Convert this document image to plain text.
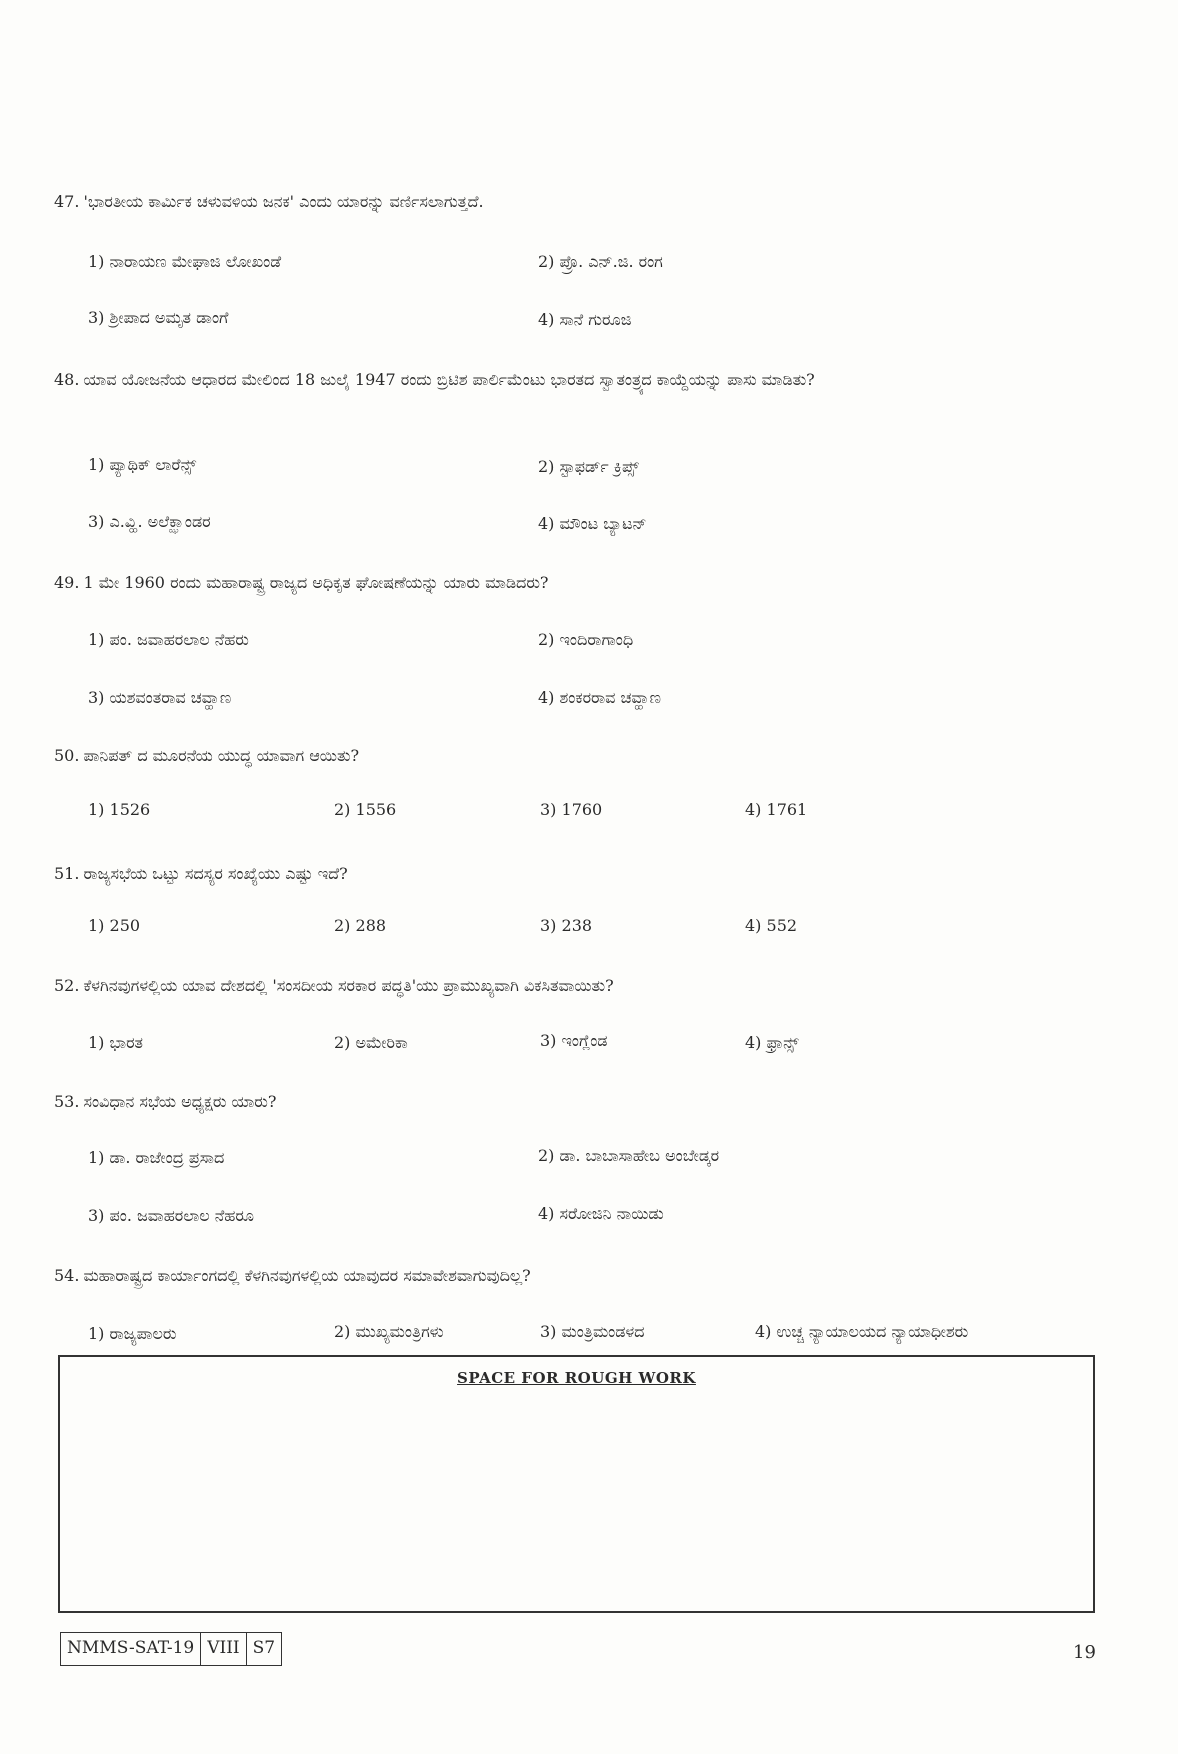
47. 'ಭಾರತೀಯ ಕಾರ್ಮಿಕ ಚಳುವಳಿಯ ಜನಕ' ಎಂದು ಯಾರನ್ನು ವರ್ಣಿಸಲಾಗುತ್ತದೆ.
1) ನಾರಾಯಣ ಮೇಘಾಜಿ ಲೋಖಂಡೆ	2) ಪ್ರೊ. ಎನ್.ಜಿ. ರಂಗ
3) ಶ್ರೀಪಾದ ಅಮೃತ ಡಾಂಗೆ	4) ಸಾನೆ ಗುರೂಜಿ
48. ಯಾವ ಯೋಜನೆಯ ಆಧಾರದ ಮೇಲಿಂದ 18 ಜುಲೈ 1947 ರಂದು ಬ್ರಿಟಿಶ ಪಾರ್ಲಿಮೆಂಟು ಭಾರತದ ಸ್ವಾತಂತ್ರ್ಯದ ಕಾಯ್ದೆಯನ್ನು ಪಾಸು ಮಾಡಿತು?
1) ಪ್ಯಾಥಿಕ್ ಲಾರೆನ್ಸ್	2) ಸ್ಟಾಫರ್ಡ್ ಕ್ರಿಪ್ಸ್
3) ಎ.ವ್ಹಿ. ಅಲೆಕ್ಝಾಂಡರ	4) ಮೌಂಟ ಬ್ಯಾಟನ್
49. 1 ಮೇ 1960 ರಂದು ಮಹಾರಾಷ್ಟ್ರ ರಾಜ್ಯದ ಅಧಿಕೃತ ಘೋಷಣೆಯನ್ನು ಯಾರು ಮಾಡಿದರು?
1) ಪಂ. ಜವಾಹರಲಾಲ ನೆಹರು	2) ಇಂದಿರಾಗಾಂಧಿ
3) ಯಶವಂತರಾವ ಚವ್ಹಾಣ	4) ಶಂಕರರಾವ ಚವ್ಹಾಣ
50. ಪಾನಿಪತ್ ದ ಮೂರನೆಯ ಯುದ್ಧ ಯಾವಾಗ ಆಯಿತು?
1) 1526	2) 1556	3) 1760	4) 1761
51. ರಾಜ್ಯಸಭೆಯ ಒಟ್ಟು ಸದಸ್ಯರ ಸಂಖ್ಯೆಯು ಎಷ್ಟು ಇದೆ?
1) 250	2) 288	3) 238	4) 552
52. ಕೆಳಗಿನವುಗಳಲ್ಲಿಯ ಯಾವ ದೇಶದಲ್ಲಿ 'ಸಂಸದೀಯ ಸರಕಾರ ಪದ್ಧತಿ'ಯು ಪ್ರಾಮುಖ್ಯವಾಗಿ ವಿಕಸಿತವಾಯಿತು?
1) ಭಾರತ	2) ಅಮೇರಿಕಾ	3) ಇಂಗ್ಲೆಂಡ	4) ಫ್ರಾನ್ಸ್
53. ಸಂವಿಧಾನ ಸಭೆಯ ಅಧ್ಯಕ್ಷರು ಯಾರು?
1) ಡಾ. ರಾಜೇಂದ್ರ ಪ್ರಸಾದ	2) ಡಾ. ಬಾಬಾಸಾಹೇಬ ಅಂಬೇಡ್ಕರ
3) ಪಂ. ಜವಾಹರಲಾಲ ನೆಹರೂ	4) ಸರೋಜಿನಿ ನಾಯಿಡು
54. ಮಹಾರಾಷ್ಟ್ರದ ಕಾರ್ಯಾಂಗದಲ್ಲಿ ಕೆಳಗಿನವುಗಳಲ್ಲಿಯ ಯಾವುದರ ಸಮಾವೇಶವಾಗುವುದಿಲ್ಲ?
1) ರಾಜ್ಯಪಾಲರು	2) ಮುಖ್ಯಮಂತ್ರಿಗಳು	3) ಮಂತ್ರಿಮಂಡಳದ	4) ಉಚ್ಚ ನ್ಯಾಯಾಲಯದ ನ್ಯಾಯಾಧೀಶರು
SPACE FOR ROUGH WORK
NMMS-SAT-19 VIII S7	19
